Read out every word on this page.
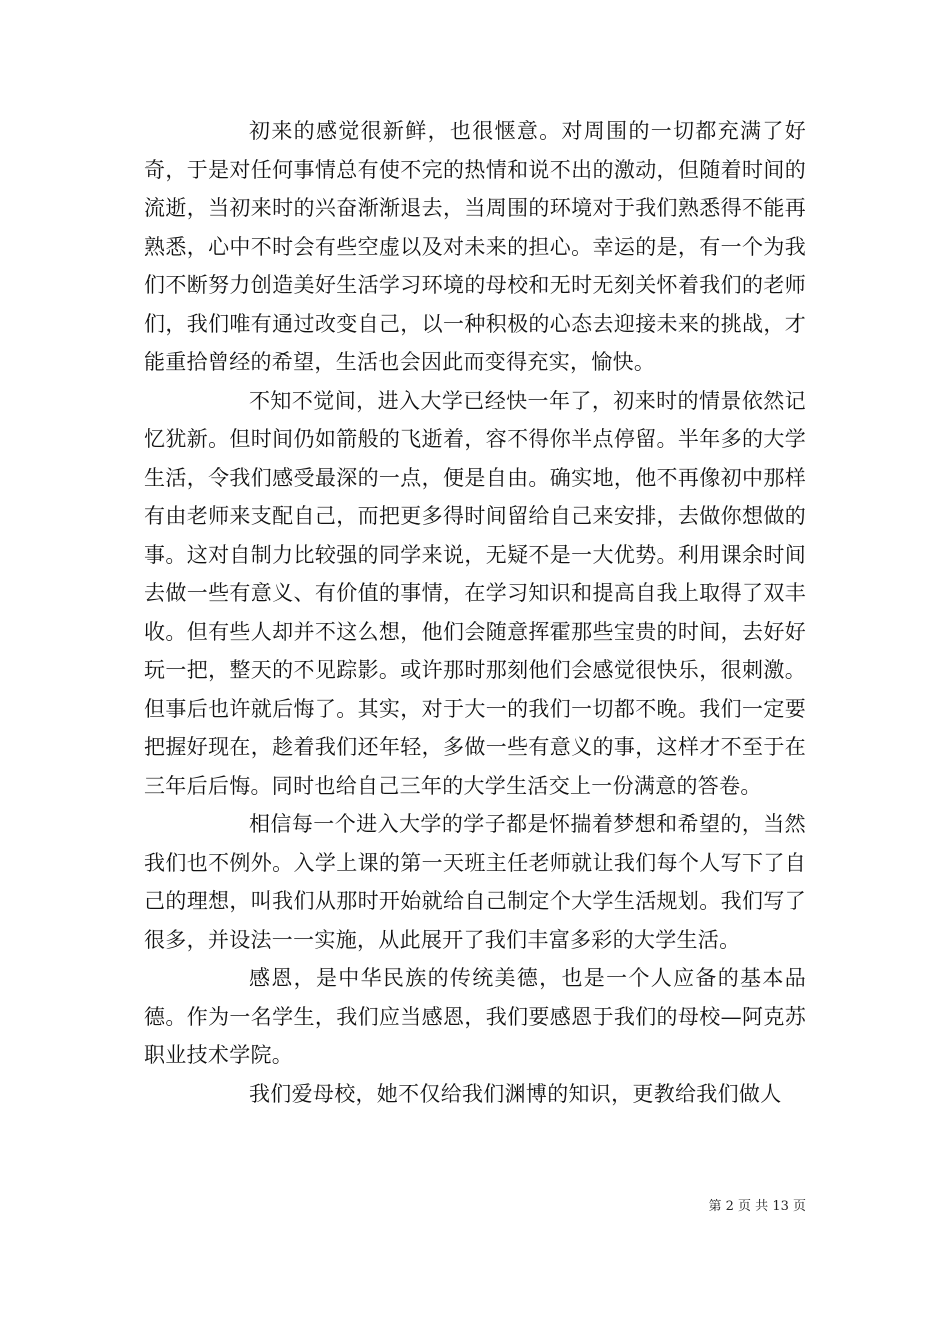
初来的感觉很新鲜，也很惬意。对周围的一切都充满了好奇，于是对任何事情总有使不完的热情和说不出的激动，但随着时间的流逝，当初来时的兴奋渐渐退去，当周围的环境对于我们熟悉得不能再熟悉，心中不时会有些空虚以及对未来的担心。幸运的是，有一个为我们不断努力创造美好生活学习环境的母校和无时无刻关怀着我们的老师们，我们唯有通过改变自己，以一种积极的心态去迎接未来的挑战，才能重拾曾经的希望，生活也会因此而变得充实，愉快。

不知不觉间，进入大学已经快一年了，初来时的情景依然记忆犹新。但时间仍如箭般的飞逝着，容不得你半点停留。半年多的大学生活，令我们感受最深的一点，便是自由。确实地，他不再像初中那样有由老师来支配自己，而把更多得时间留给自己来安排，去做你想做的事。这对自制力比较强的同学来说，无疑不是一大优势。利用课余时间去做一些有意义、有价值的事情，在学习知识和提高自我上取得了双丰收。但有些人却并不这么想，他们会随意挥霍那些宝贵的时间，去好好玩一把，整天的不见踪影。或许那时那刻他们会感觉很快乐，很刺激。但事后也许就后悔了。其实，对于大一的我们一切都不晚。我们一定要把握好现在，趁着我们还年轻，多做一些有意义的事，这样才不至于在三年后后悔。同时也给自己三年的大学生活交上一份满意的答卷。

相信每一个进入大学的学子都是怀揣着梦想和希望的，当然我们也不例外。入学上课的第一天班主任老师就让我们每个人写下了自己的理想，叫我们从那时开始就给自己制定个大学生活规划。我们写了很多，并设法一一实施，从此展开了我们丰富多彩的大学生活。

感恩，是中华民族的传统美德，也是一个人应备的基本品德。作为一名学生，我们应当感恩，我们要感恩于我们的母校—阿克苏职业技术学院。

我们爱母校，她不仅给我们渊博的知识，更教给我们做人

第 2 页 共 13 页
